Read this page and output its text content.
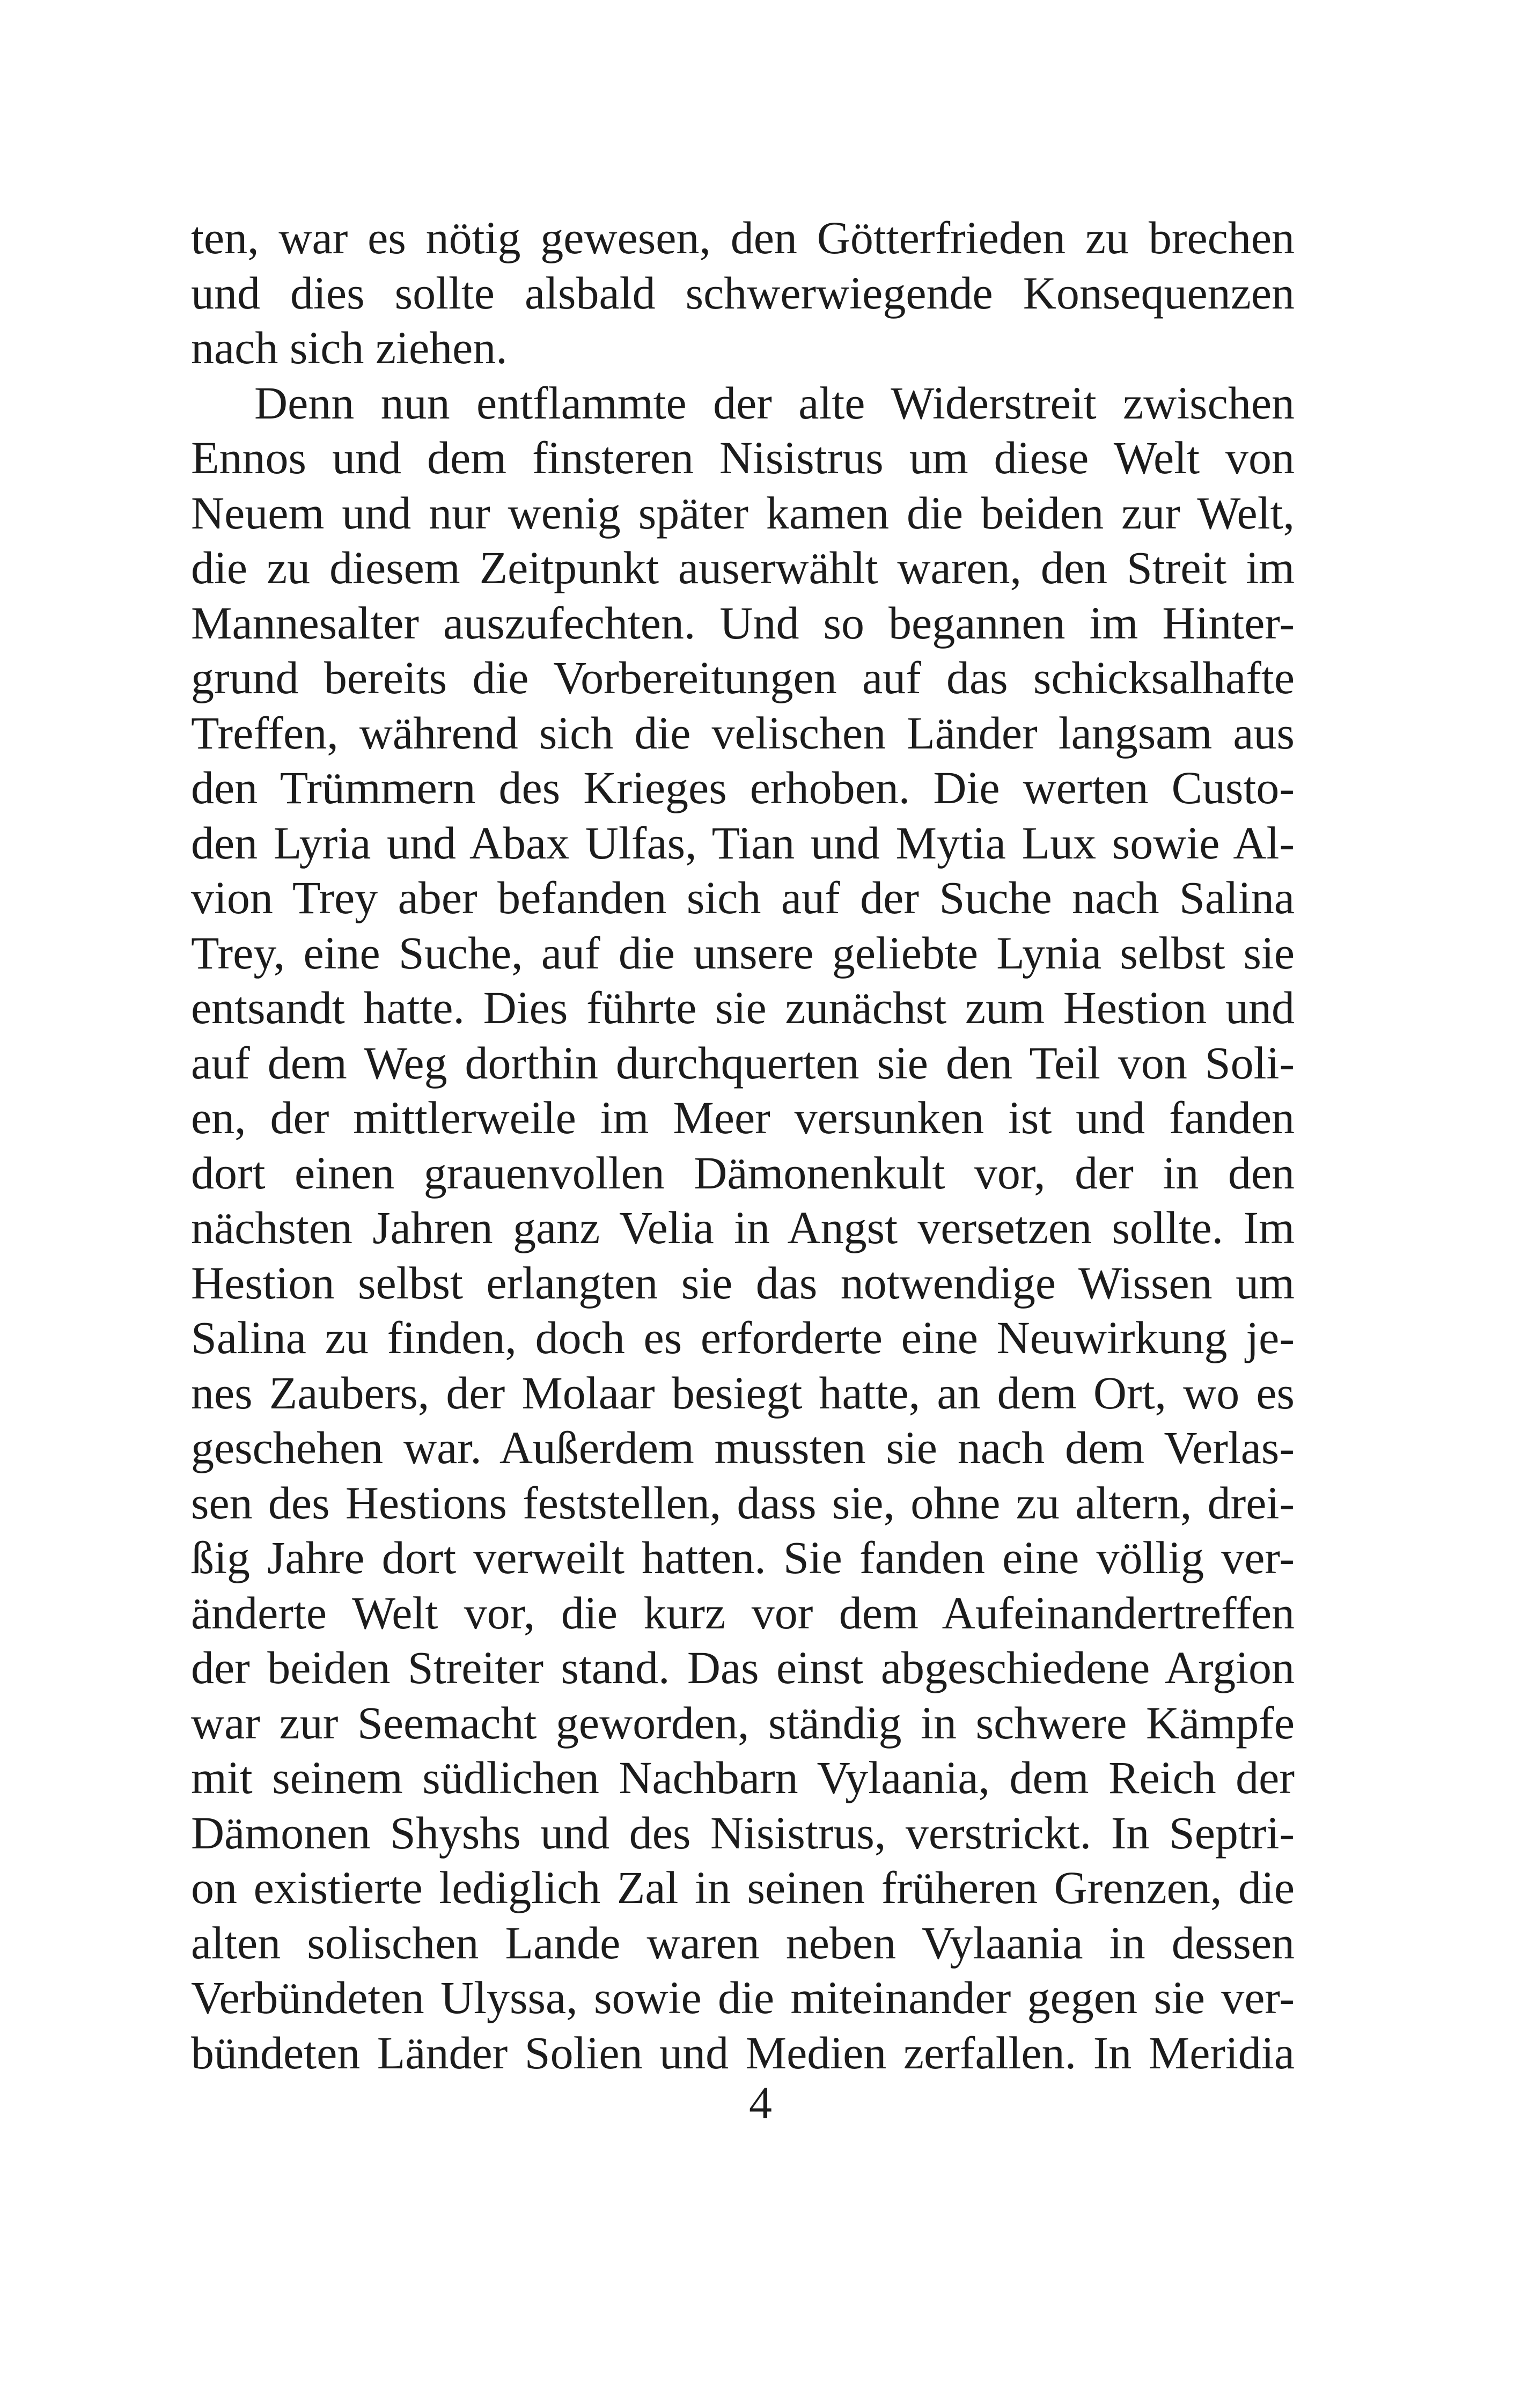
ten, war es nötig gewesen, den Götterfrieden zu brechen
und dies sollte alsbald schwerwiegende Konsequenzen
nach sich ziehen.
Denn nun entflammte der alte Widerstreit zwischen
Ennos und dem finsteren Nisistrus um diese Welt von
Neuem und nur wenig später kamen die beiden zur Welt,
die zu diesem Zeitpunkt auserwählt waren, den Streit im
Mannesalter auszufechten. Und so begannen im Hinter-
grund bereits die Vorbereitungen auf das schicksalhafte
Treffen, während sich die velischen Länder langsam aus
den Trümmern des Krieges erhoben. Die werten Custo-
den Lyria und Abax Ulfas, Tian und Mytia Lux sowie Al-
vion Trey aber befanden sich auf der Suche nach Salina
Trey, eine Suche, auf die unsere geliebte Lynia selbst sie
entsandt hatte. Dies führte sie zunächst zum Hestion und
auf dem Weg dorthin durchquerten sie den Teil von Soli-
en, der mittlerweile im Meer versunken ist und fanden
dort einen grauenvollen Dämonenkult vor, der in den
nächsten Jahren ganz Velia in Angst versetzen sollte. Im
Hestion selbst erlangten sie das notwendige Wissen um
Salina zu finden, doch es erforderte eine Neuwirkung je-
nes Zaubers, der Molaar besiegt hatte, an dem Ort, wo es
geschehen war. Außerdem mussten sie nach dem Verlas-
sen des Hestions feststellen, dass sie, ohne zu altern, drei-
ßig Jahre dort verweilt hatten. Sie fanden eine völlig ver-
änderte Welt vor, die kurz vor dem Aufeinandertreffen
der beiden Streiter stand. Das einst abgeschiedene Argion
war zur Seemacht geworden, ständig in schwere Kämpfe
mit seinem südlichen Nachbarn Vylaania, dem Reich der
Dämonen Shyshs und des Nisistrus, verstrickt. In Septri-
on existierte lediglich Zal in seinen früheren Grenzen, die
alten solischen Lande waren neben Vylaania in dessen
Verbündeten Ulyssa, sowie die miteinander gegen sie ver-
bündeten Länder Solien und Medien zerfallen. In Meridia
4
